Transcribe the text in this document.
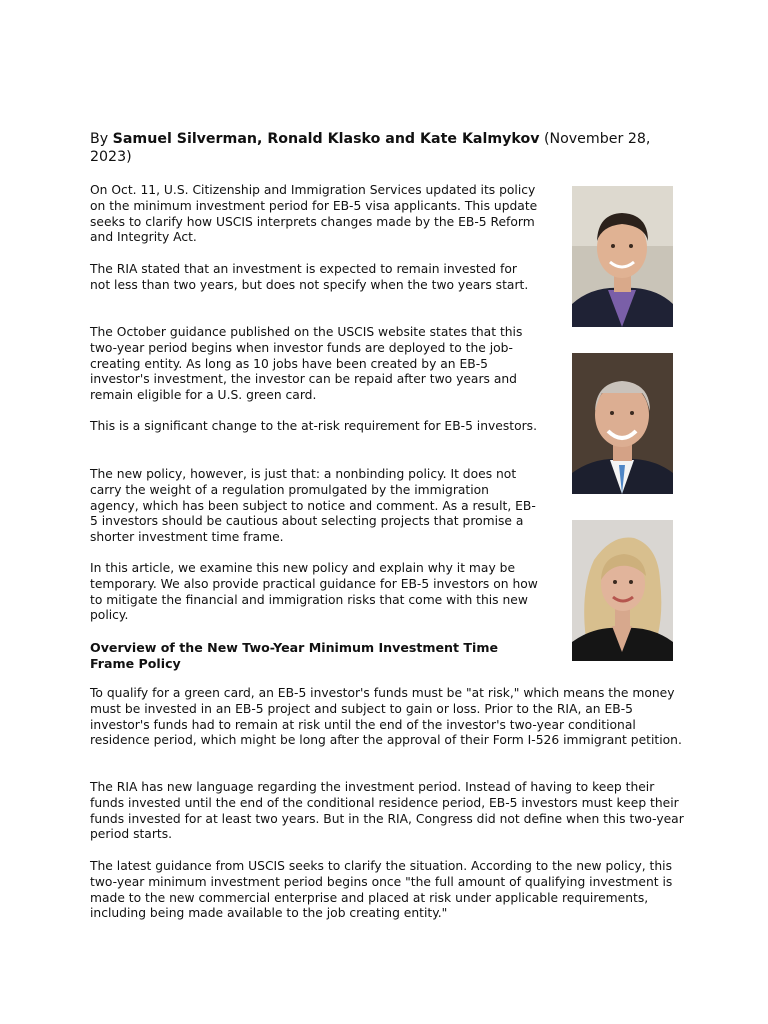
By Samuel Silverman, Ronald Klasko and Kate Kalmykov (November 28, 2023)

On Oct. 11, U.S. Citizenship and Immigration Services updated its policy on the minimum investment period for EB-5 visa applicants. This update seeks to clarify how USCIS interprets changes made by the EB-5 Reform and Integrity Act.

The RIA stated that an investment is expected to remain invested for not less than two years, but does not specify when the two years start.

The October guidance published on the USCIS website states that this two-year period begins when investor funds are deployed to the job-creating entity. As long as 10 jobs have been created by an EB-5 investor's investment, the investor can be repaid after two years and remain eligible for a U.S. green card.

This is a significant change to the at-risk requirement for EB-5 investors.

The new policy, however, is just that: a nonbinding policy. It does not carry the weight of a regulation promulgated by the immigration agency, which has been subject to notice and comment. As a result, EB-5 investors should be cautious about selecting projects that promise a shorter investment time frame.

In this article, we examine this new policy and explain why it may be temporary. We also provide practical guidance for EB-5 investors on how to mitigate the financial and immigration risks that come with this new policy.

Overview of the New Two-Year Minimum Investment Time Frame Policy

To qualify for a green card, an EB-5 investor's funds must be "at risk," which means the money must be invested in an EB-5 project and subject to gain or loss. Prior to the RIA, an EB-5 investor's funds had to remain at risk until the end of the investor's two-year conditional residence period, which might be long after the approval of their Form I-526 immigrant petition.

The RIA has new language regarding the investment period. Instead of having to keep their funds invested until the end of the conditional residence period, EB-5 investors must keep their funds invested for at least two years. But in the RIA, Congress did not define when this two-year period starts.

The latest guidance from USCIS seeks to clarify the situation. According to the new policy, this two-year minimum investment period begins once "the full amount of qualifying investment is made to the new commercial enterprise and placed at risk under applicable requirements, including being made available to the job creating entity."
